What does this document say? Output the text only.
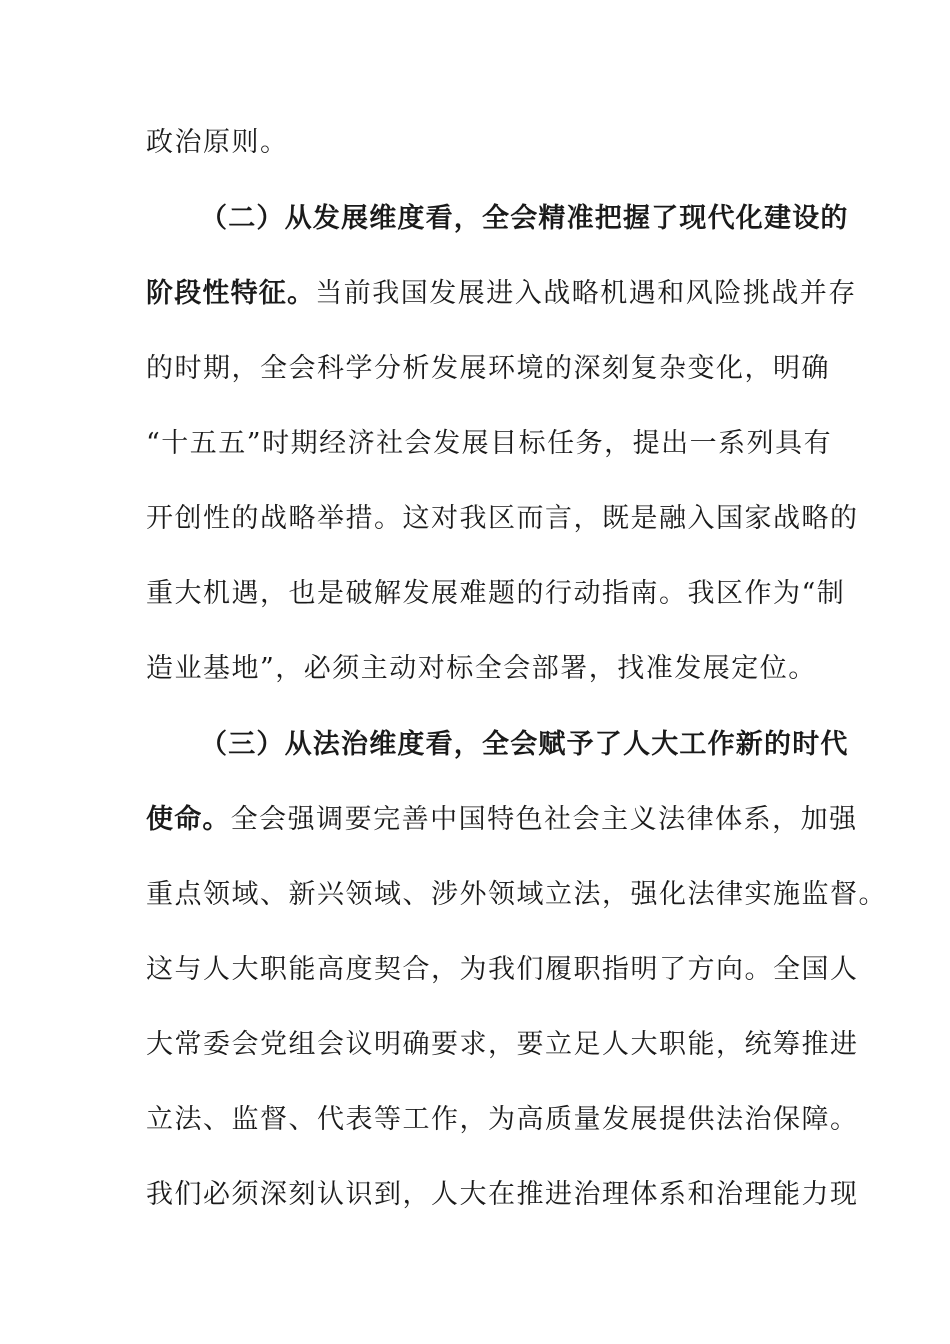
政治原则。
（二）从发展维度看，全会精准把握了现代化建设的
阶段性特征。当前我国发展进入战略机遇和风险挑战并存
的时期，全会科学分析发展环境的深刻复杂变化，明确
“十五五”时期经济社会发展目标任务，提出一系列具有
开创性的战略举措。这对我区而言，既是融入国家战略的
重大机遇，也是破解发展难题的行动指南。我区作为“制
造业基地”，必须主动对标全会部署，找准发展定位。
（三）从法治维度看，全会赋予了人大工作新的时代
使命。全会强调要完善中国特色社会主义法律体系，加强
重点领域、新兴领域、涉外领域立法，强化法律实施监督。
这与人大职能高度契合，为我们履职指明了方向。全国人
大常委会党组会议明确要求，要立足人大职能，统筹推进
立法、监督、代表等工作，为高质量发展提供法治保障。
我们必须深刻认识到，人大在推进治理体系和治理能力现
